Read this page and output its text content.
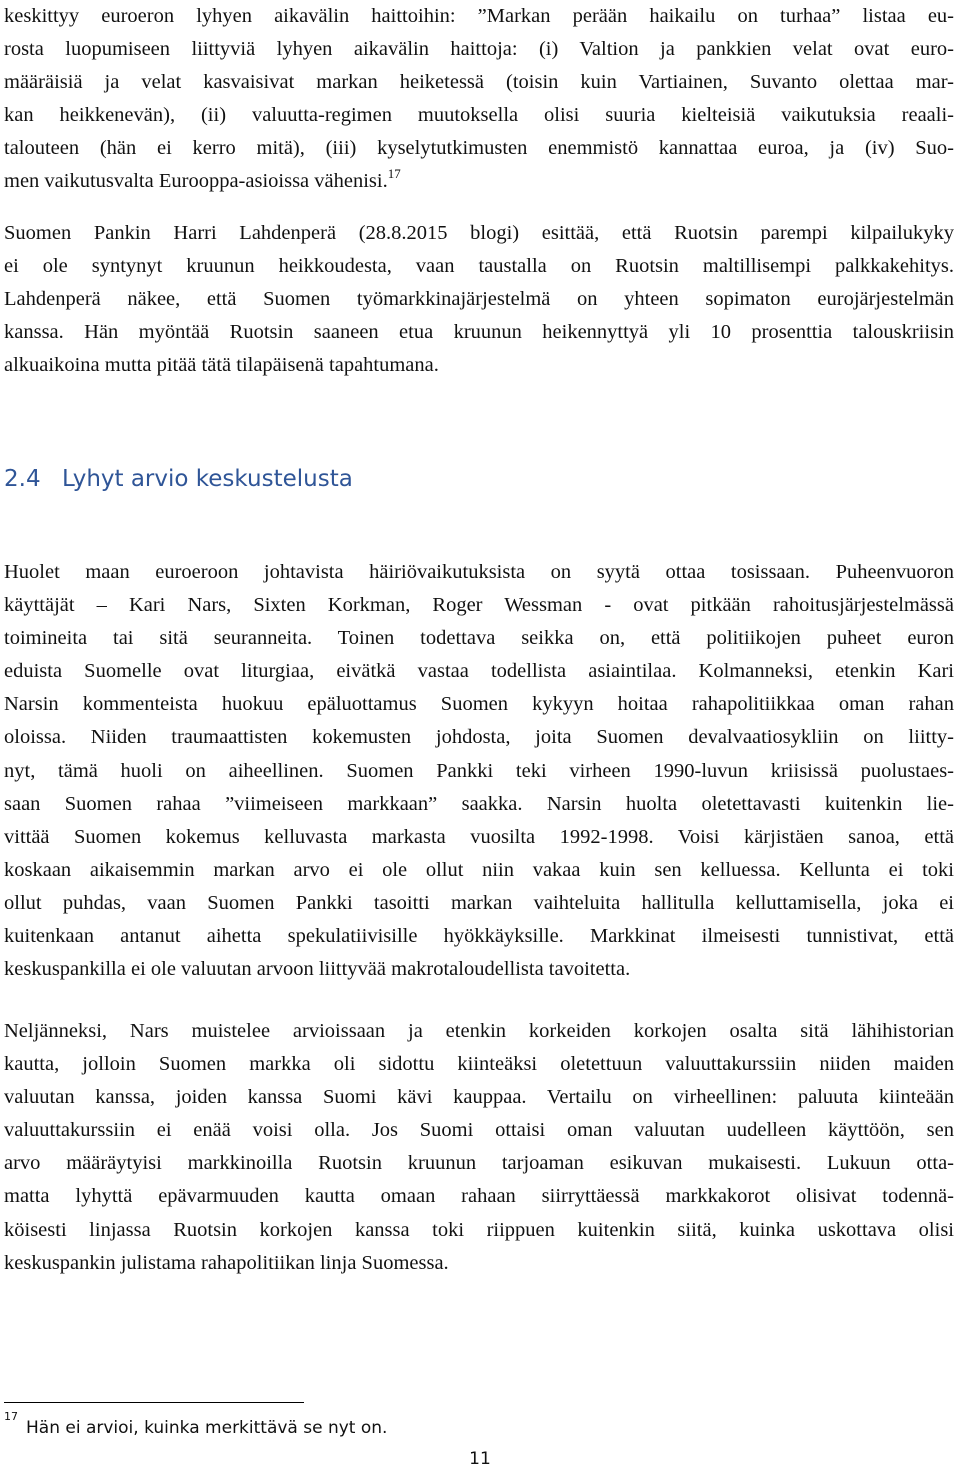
keskittyy euroeron lyhyen aikavälin haittoihin: ”Markan perään haikailu on turhaa” listaa eu-
rosta luopumiseen liittyviä lyhyen aikavälin haittoja: (i) Valtion ja pankkien velat ovat euro-
määräisiä ja velat kasvaisivat markan heiketessä (toisin kuin Vartiainen, Suvanto olettaa mar-
kan heikkenevän), (ii) valuutta-regimen muutoksella olisi suuria kielteisiä vaikutuksia reaali-
talouteen (hän ei kerro mitä), (iii) kyselytutkimusten enemmistö kannattaa euroa, ja (iv) Suo-
men vaikutusvalta Eurooppa-asioissa vähenisi.$^{17}$
Suomen Pankin Harri Lahdenperä (28.8.2015 blogi) esittää, että Ruotsin parempi kilpailukyky
ei ole syntynyt kruunun heikkoudesta, vaan taustalla on Ruotsin maltillisempi palkkakehitys.
Lahdenperä näkee, että Suomen työmarkkinajärjestelmä on yhteen sopimaton eurojärjestelmän
kanssa. Hän myöntää Ruotsin saaneen etua kruunun heikennyttyä yli 10 prosenttia talouskriisin
alkuaikoina mutta pitää tätä tilapäisenä tapahtumana.
2.4 Lyhyt arvio keskustelusta
Huolet maan euroeroon johtavista häiriövaikutuksista on syytä ottaa tosissaan. Puheenvuoron
käyttäjät – Kari Nars, Sixten Korkman, Roger Wessman - ovat pitkään rahoitusjärjestelmässä
toimineita tai sitä seuranneita. Toinen todettava seikka on, että politiikojen puheet euron
eduista Suomelle ovat liturgiaa, eivätkä vastaa todellista asiaintilaa. Kolmanneksi, etenkin Kari
Narsin kommenteista huokuu epäluottamus Suomen kykyyn hoitaa rahapolitiikkaa oman rahan
oloissa. Niiden traumaattisten kokemusten johdosta, joita Suomen devalvaatiosykliin on liitty-
nyt, tämä huoli on aiheellinen. Suomen Pankki teki virheen 1990-luvun kriisissä puolustaes-
saan Suomen rahaa ”viimeiseen markkaan” saakka. Narsin huolta oletettavasti kuitenkin lie-
vittää Suomen kokemus kelluvasta markasta vuosilta 1992-1998. Voisi kärjistäen sanoa, että
koskaan aikaisemmin markan arvo ei ole ollut niin vakaa kuin sen kelluessa. Kellunta ei toki
ollut puhdas, vaan Suomen Pankki tasoitti markan vaihteluita hallitulla kelluttamisella, joka ei
kuitenkaan antanut aihetta spekulatiivisille hyökkäyksille. Markkinat ilmeisesti tunnistivat, että
keskuspankilla ei ole valuutan arvoon liittyvää makrotaloudellista tavoitetta.
Neljänneksi, Nars muistelee arvioissaan ja etenkin korkeiden korkojen osalta sitä lähihistorian
kautta, jolloin Suomen markka oli sidottu kiinteäksi oletettuun valuuttakurssiin niiden maiden
valuutan kanssa, joiden kanssa Suomi kävi kauppaa. Vertailu on virheellinen: paluuta kiinteään
valuuttakurssiin ei enää voisi olla. Jos Suomi ottaisi oman valuutan uudelleen käyttöön, sen
arvo määräytyisi markkinoilla Ruotsin kruunun tarjoaman esikuvan mukaisesti. Lukuun otta-
matta lyhyttä epävarmuuden kautta omaan rahaan siirryttäessä markkakorot olisivat todennä-
köisesti linjassa Ruotsin korkojen kanssa toki riippuen kuitenkin siitä, kuinka uskottava olisi
keskuspankin julistama rahapolitiikan linja Suomessa.
$^{17}$Hän ei arvioi, kuinka merkittävä se nyt on.
11
